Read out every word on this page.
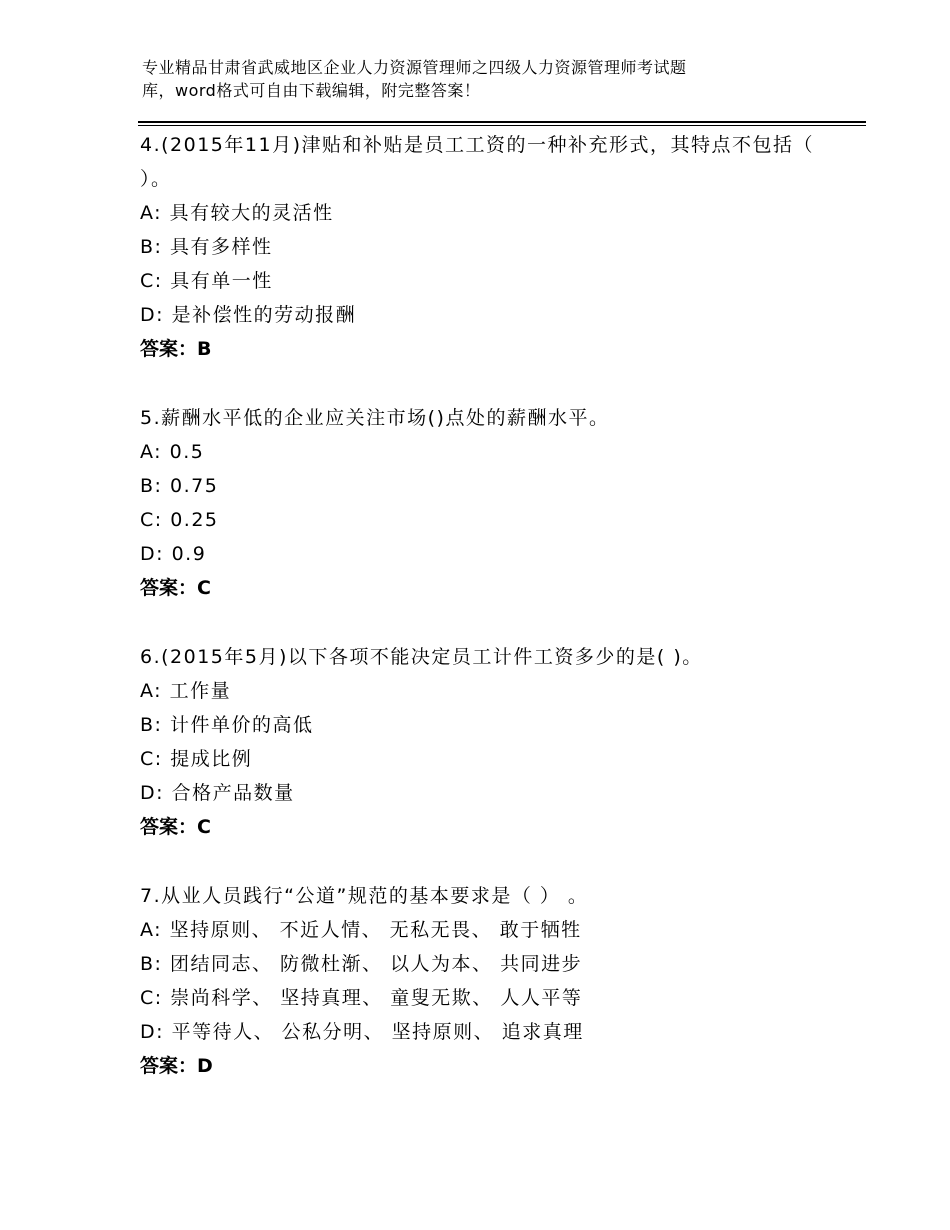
专业精品甘肃省武威地区企业人力资源管理师之四级人力资源管理师考试题
库，word格式可自由下载编辑，附完整答案！

4.(2015年11月)津贴和补贴是员工工资的一种补充形式，其特点不包括（ ）。

A: 具有较大的灵活性

B: 具有多样性

C: 具有单一性

D: 是补偿性的劳动报酬

答案：B

5.薪酬水平低的企业应关注市场()点处的薪酬水平。

A: 0.5

B: 0.75

C: 0.25

D: 0.9

答案：C

6.(2015年5月)以下各项不能决定员工计件工资多少的是( )。

A: 工作量

B: 计件单价的高低

C: 提成比例

D: 合格产品数量

答案：C

7.从业人员践行“公道”规范的基本要求是（ ） 。

A: 坚持原则、 不近人情、 无私无畏、 敢于牺牲

B: 团结同志、 防微杜渐、 以人为本、 共同进步

C: 崇尚科学、 坚持真理、 童叟无欺、 人人平等

D: 平等待人、 公私分明、 坚持原则、 追求真理

答案：D
